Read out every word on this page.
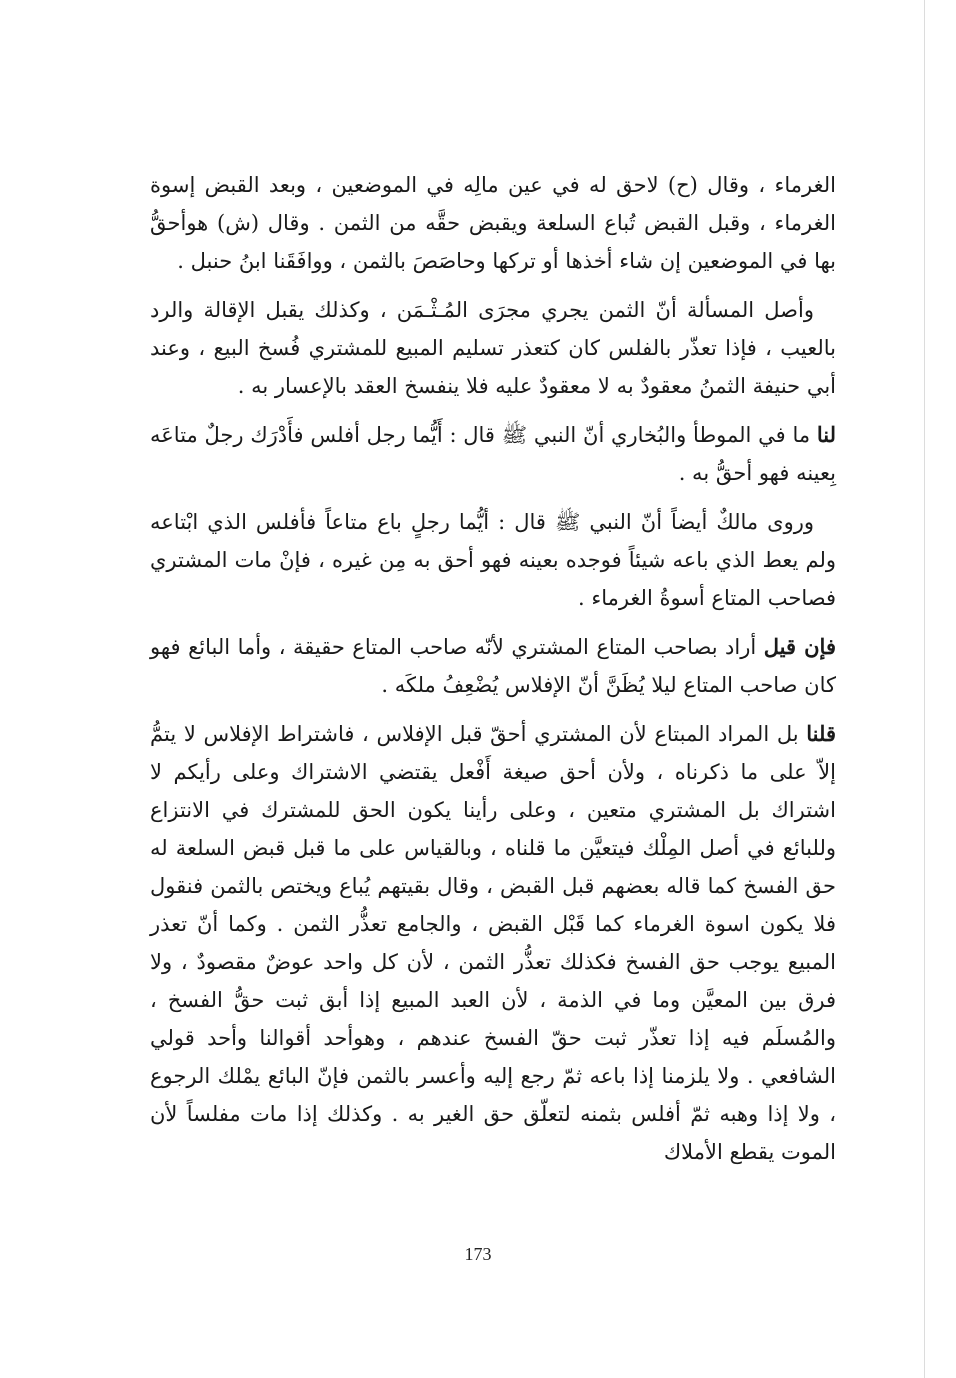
الغرماء ، وقال (ح) لاحق له في عين مالِه في الموضعين ، وبعد القبض إسوة الغرماء ، وقبل القبض تُباع السلعة ويقبض حقَّه من الثمن . وقال (ش) هوأحقُّ بها في الموضعين إن شاء أخذها أو تركها وحاصَصَ بالثمن ، ووافَقَنا ابنُ حنبل .

وأصل المسألة أنّ الثمن يجري مجرَى المُـثْـمَن ، وكذلك يقبل الإقالة والرد بالعيب ، فإذا تعذّر بالفلس كان كتعذر تسليم المبيع للمشتري فُسخ البيع ، وعند أبي حنيفة الثمنُ معقودٌ به لا معقودٌ عليه فلا ينفسخ العقد بالإعسار به .

لنا ما في الموطأ والبُخاري أنّ النبي ﷺ قال : أَيُّما رجل أفلس فأَدْرَك رجلٌ متاعَه بِعينه فهو أحقُّ به .

وروى مالكٌ أيضاً أنّ النبي ﷺ قال : أيُّما رجلٍ باع متاعاً فأفلس الذي ابْتاعه ولم يعط الذي باعه شيئاً فوجده بعينه فهو أحق به مِن غيره ، فإنْ مات المشتري فصاحب المتاع أسوةُ الغرماء .

فإن قيل أراد بصاحب المتاع المشتري لأنّه صاحب المتاع حقيقة ، وأما البائع فهو كان صاحب المتاع ليلا يُظَنَّ أنّ الإفلاس يُضْعِفُ ملكَه .

قلنا بل المراد المبتاع لأن المشتري أحقّ قبل الإفلاس ، فاشتراط الإفلاس لا يتمُّ إلاّ على ما ذكرناه ، ولأن أحق صيغة أَفْعل يقتضي الاشتراك وعلى رأيكم لا اشتراك بل المشتري متعين ، وعلى رأينا يكون الحق للمشترك في الانتزاع وللبائع في أصل المِلْك فيتعيَّن ما قلناه ، وبالقياس على ما قبل قبض السلعة له حق الفسخ كما قاله بعضهم قبل القبض ، وقال بقيتهم يُباع ويختص بالثمن فنقول فلا يكون اسوة الغرماء كما قَبْل القبض ، والجامع تعذُّر الثمن . وكما أنّ تعذر المبيع يوجب حق الفسخ فكذلك تعذُّر الثمن ، لأن كل واحد عوضٌ مقصودٌ ، ولا فرق بين المعيَّن وما في الذمة ، لأن العبد المبيع إذا أبق ثبت حقُّ الفسخ ، والمُسلَم فيه إذا تعذّر ثبت حقّ الفسخ عندهم ، وهوأحد أقوالنا وأحد قولي الشافعي . ولا يلزمنا إذا باعه ثمّ رجع إليه وأعسر بالثمن فإنّ البائع يمْلك الرجوع ، ولا إذا وهبه ثمّ أفلس بثمنه لتعلّق حق الغير به . وكذلك إذا مات مفلساً لأن الموت يقطع الأملاك

173
